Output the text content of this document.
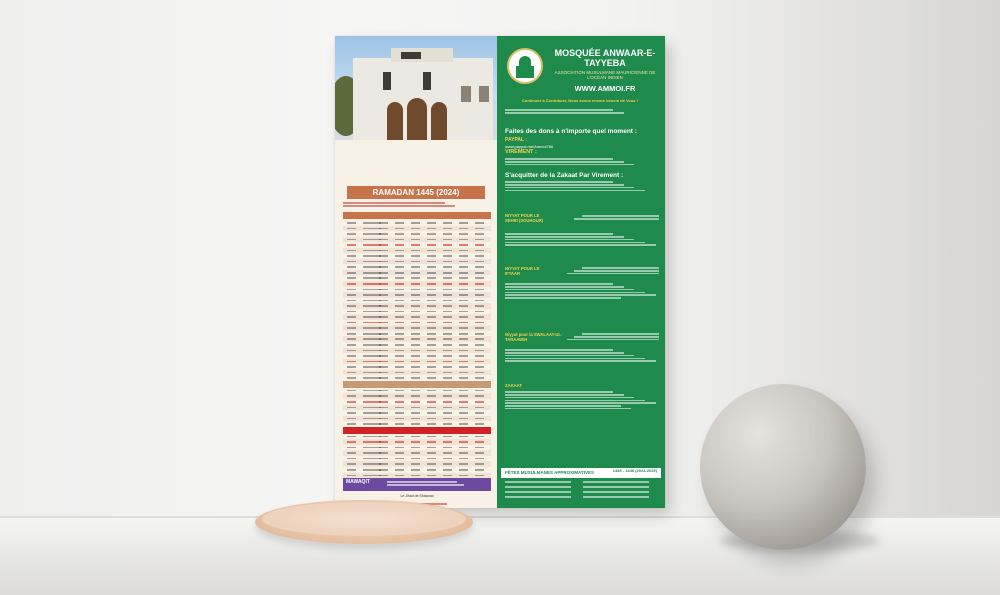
RAMADAN 1445 (2024)
MAWAQIT
Le Jihad de Shawwal
MOSQUÉE ANWAAR-E-TAYYEBA
ASSOCIATION MUSULMANE MAURICIENNE DE L'OCÉAN INDIEN
WWW.AMMOI.FR
Continuez à Contribuer, Nous avons encore besoin de Vous !
Faites des dons à n'importe quel moment :
PAYPAL :
www.paypal.me/Ammoi786
VIREMENT :
S'acquitter de la Zakaat Par Virement :
NIYYAT POUR LE SEHRI (SOUHOUR)
NIYYAT POUR LE IFTAAR
Niyyat pour la SWALAAT-UL-TARAAWIH
ZAKAAT
FÊTES MUSULMANES APPROXIMATIVES	1445 - 1446 (2024-2025)
